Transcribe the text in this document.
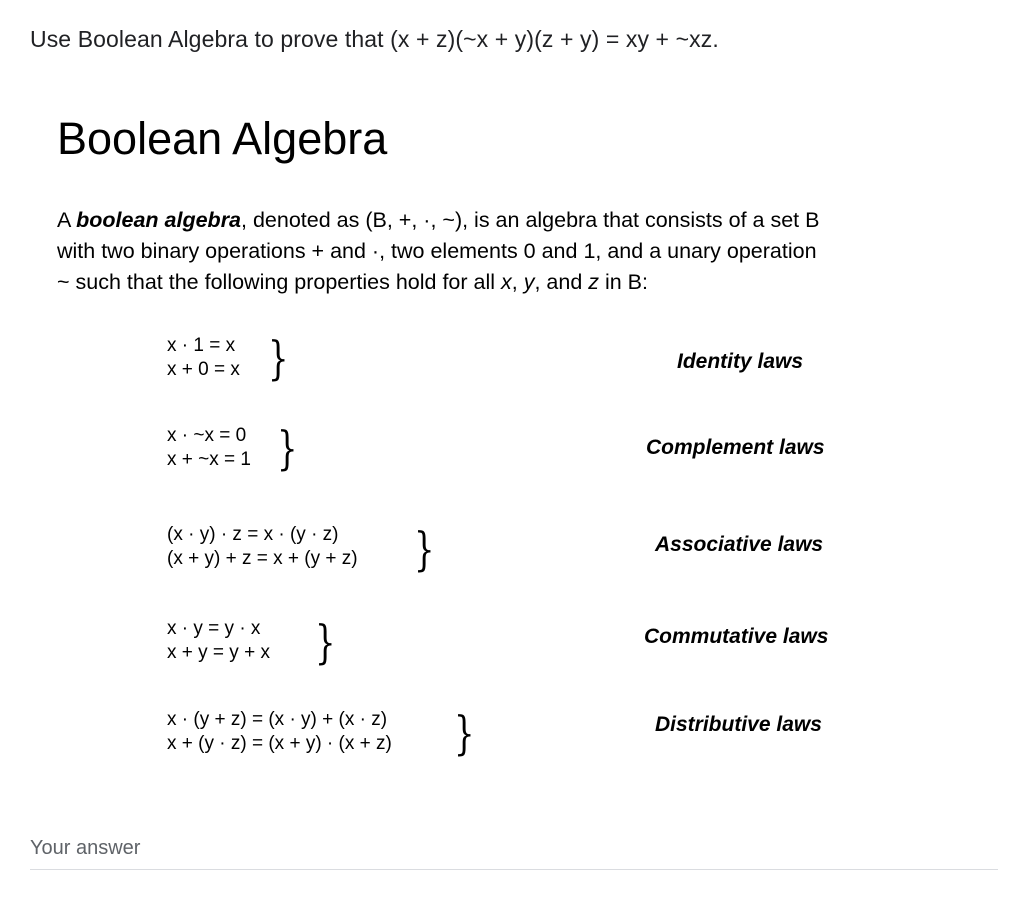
Use Boolean Algebra to prove that (x + z)(~x + y)(z + y) = xy + ~xz.
Boolean Algebra
A boolean algebra, denoted as (B, +, ·, ~), is an algebra that consists of a set B
with two binary operations + and ·, two elements 0 and 1, and a unary operation
~ such that the following properties hold for all x, y, and z in B:
x · 1 = x
x + 0 = x }	Identity laws
x · ~x = 0
x + ~x = 1 }	Complement laws
(x · y) · z = x · (y · z)
(x + y) + z = x + (y + z) }	Associative laws
x · y = y · x
x + y = y + x }	Commutative laws
x · (y + z) = (x · y) + (x · z)
x + (y · z) = (x + y) · (x + z) }	Distributive laws
Your answer
